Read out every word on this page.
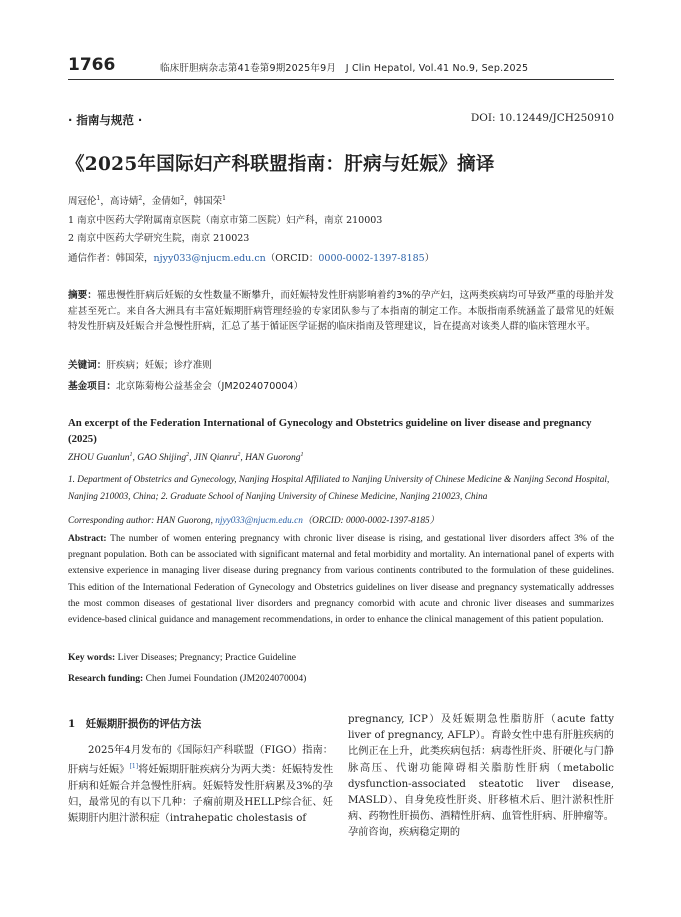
1766	临床肝胆病杂志第41卷第9期2025年9月　J Clin Hepatol, Vol.41 No.9, Sep.2025
· 指南与规范 ·	DOI: 10.12449/JCH250910
《2025年国际妇产科联盟指南：肝病与妊娠》摘译
周冠伦$^1$，高诗婧$^2$，金倩如$^2$，韩国荣$^1$
1 南京中医药大学附属南京医院（南京市第二医院）妇产科，南京 210003
2 南京中医药大学研究生院，南京 210023
通信作者：韩国荣，njyy033@njucm.edu.cn（ORCID：0000-0002-1397-8185）
摘要：罹患慢性肝病后妊娠的女性数量不断攀升，而妊娠特发性肝病影响着约3%的孕产妇，这两类疾病均可导致严重的母胎并发症甚至死亡。来自各大洲具有丰富妊娠期肝病管理经验的专家团队参与了本指南的制定工作。本版指南系统涵盖了最常见的妊娠特发性肝病及妊娠合并急慢性肝病，汇总了基于循证医学证据的临床指南及管理建议，旨在提高对该类人群的临床管理水平。
关键词：肝疾病；妊娠；诊疗准则
基金项目：北京陈菊梅公益基金会（JM2024070004）
An excerpt of the Federation International of Gynecology and Obstetrics guideline on liver disease and pregnancy (2025)
ZHOU Guanlun$^1$, GAO Shijing$^2$, JIN Qianru$^2$, HAN Guorong$^1$
1. Department of Obstetrics and Gynecology, Nanjing Hospital Affiliated to Nanjing University of Chinese Medicine & Nanjing Second Hospital, Nanjing 210003, China; 2. Graduate School of Nanjing University of Chinese Medicine, Nanjing 210023, China
Corresponding author: HAN Guorong, njyy033@njucm.edu.cn（ORCID: 0000-0002-1397-8185）
Abstract: The number of women entering pregnancy with chronic liver disease is rising, and gestational liver disorders affect 3% of the pregnant population. Both can be associated with significant maternal and fetal morbidity and mortality. An international panel of experts with extensive experience in managing liver disease during pregnancy from various continents contributed to the formulation of these guidelines. This edition of the International Federation of Gynecology and Obstetrics guidelines on liver disease and pregnancy systematically addresses the most common diseases of gestational liver disorders and pregnancy comorbid with acute and chronic liver diseases and summarizes evidence-based clinical guidance and management recommendations, in order to enhance the clinical management of this patient population.
Key words: Liver Diseases; Pregnancy; Practice Guideline
Research funding: Chen Jumei Foundation (JM2024070004)
1　妊娠期肝损伤的评估方法
2025年4月发布的《国际妇产科联盟（FIGO）指南：肝病与妊娠》[1]将妊娠期肝脏疾病分为两大类：妊娠特发性肝病和妊娠合并急慢性肝病。妊娠特发性肝病累及3%的孕妇，最常见的有以下几种：子痫前期及HELLP综合征、妊娠期肝内胆汁淤积症（intrahepatic cholestasis of
pregnancy, ICP）及妊娠期急性脂肪肝（acute fatty liver of pregnancy, AFLP）。育龄女性中患有肝脏疾病的比例正在上升，此类疾病包括：病毒性肝炎、肝硬化与门静脉高压、代谢功能障碍相关脂肪性肝病（metabolic dysfunction-associated steatotic liver disease, MASLD）、自身免疫性肝炎、肝移植术后、胆汁淤积性肝病、药物性肝损伤、酒精性肝病、血管性肝病、肝肿瘤等。孕前咨询，疾病稳定期的
